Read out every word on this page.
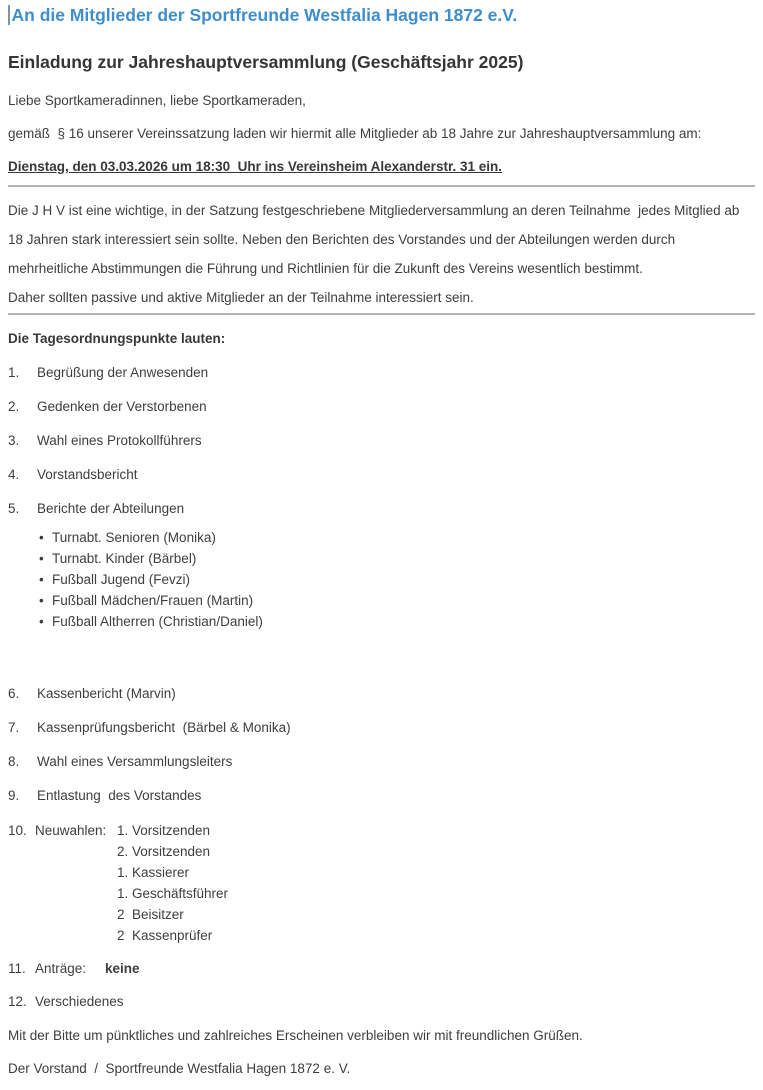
An die Mitglieder der Sportfreunde Westfalia Hagen 1872 e.V.
Einladung zur Jahreshauptversammlung (Geschäftsjahr 2025)

Liebe Sportkameradinnen, liebe Sportkameraden,

gemäß  § 16 unserer Vereinssatzung laden wir hiermit alle Mitglieder ab 18 Jahre zur Jahreshauptversammlung am:

Dienstag, den 03.03.2026 um 18:30  Uhr ins Vereinsheim Alexanderstr. 31 ein.

Die J H V ist eine wichtige, in der Satzung festgeschriebene Mitgliederversammlung an deren Teilnahme  jedes Mitglied ab 18 Jahren stark interessiert sein sollte. Neben den Berichten des Vorstandes und der Abteilungen werden durch mehrheitliche Abstimmungen die Führung und Richtlinien für die Zukunft des Vereins wesentlich bestimmt.

Daher sollten passive und aktive Mitglieder an der Teilnahme interessiert sein.

Die Tagesordnungspunkte lauten:

1.	Begrüßung der Anwesenden
2.	Gedenken der Verstorbenen
3.	Wahl eines Protokollführers
4.	Vorstandsbericht
5.	Berichte der Abteilungen
• Turnabt. Senioren (Monika)
• Turnabt. Kinder (Bärbel)
• Fußball Jugend (Fevzi)
• Fußball Mädchen/Frauen (Martin)
• Fußball Altherren (Christian/Daniel)
6.	Kassenbericht (Marvin)
7.	Kassenprüfungsbericht  (Bärbel & Monika)
8.	Wahl eines Versammlungsleiters
9.	Entlastung  des Vorstandes
10. Neuwahlen: 1. Vorsitzenden
2. Vorsitzenden
1. Kassierer
1. Geschäftsführer
2  Beisitzer
2  Kassenprüfer
11. Anträge:	keine
12. Verschiedenes

Mit der Bitte um pünktliches und zahlreiches Erscheinen verbleiben wir mit freundlichen Grüßen.

Der Vorstand  /  Sportfreunde Westfalia Hagen 1872 e. V.
